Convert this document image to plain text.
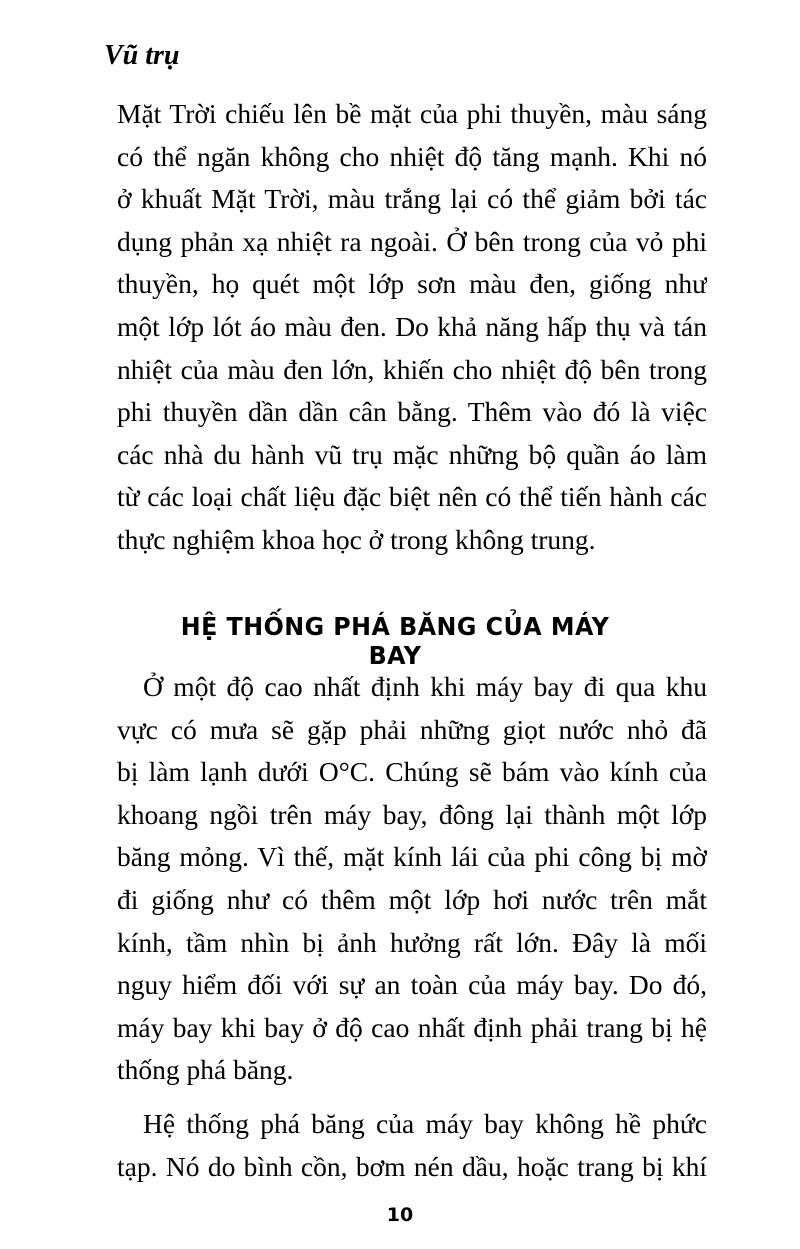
Vũ trụ
Mặt Trời chiếu lên bề mặt của phi thuyền, màu sáng
có thể ngăn không cho nhiệt độ tăng mạnh. Khi nó
ở khuất Mặt Trời, màu trắng lại có thể giảm bởi tác
dụng phản xạ nhiệt ra ngoài. Ở bên trong của vỏ phi
thuyền, họ quét một lớp sơn màu đen, giống như
một lớp lót áo màu đen. Do khả năng hấp thụ và tán
nhiệt của màu đen lớn, khiến cho nhiệt độ bên trong
phi thuyền dần dần cân bằng. Thêm vào đó là việc
các nhà du hành vũ trụ mặc những bộ quần áo làm
từ các loại chất liệu đặc biệt nên có thể tiến hành các
thực nghiệm khoa học ở trong không trung.
HỆ THỐNG PHÁ BĂNG CỦA MÁY BAY
Ở một độ cao nhất định khi máy bay đi qua khu
vực có mưa sẽ gặp phải những giọt nước nhỏ đã
bị làm lạnh dưới O°C. Chúng sẽ bám vào kính của
khoang ngồi trên máy bay, đông lại thành một lớp
băng mỏng. Vì thế, mặt kính lái của phi công bị mờ
đi giống như có thêm một lớp hơi nước trên mắt
kính, tầm nhìn bị ảnh hưởng rất lớn. Đây là mối
nguy hiểm đối với sự an toàn của máy bay. Do đó,
máy bay khi bay ở độ cao nhất định phải trang bị hệ
thống phá băng.
Hệ thống phá băng của máy bay không hề phức
tạp. Nó do bình cồn, bơm nén dầu, hoặc trang bị khí
10
